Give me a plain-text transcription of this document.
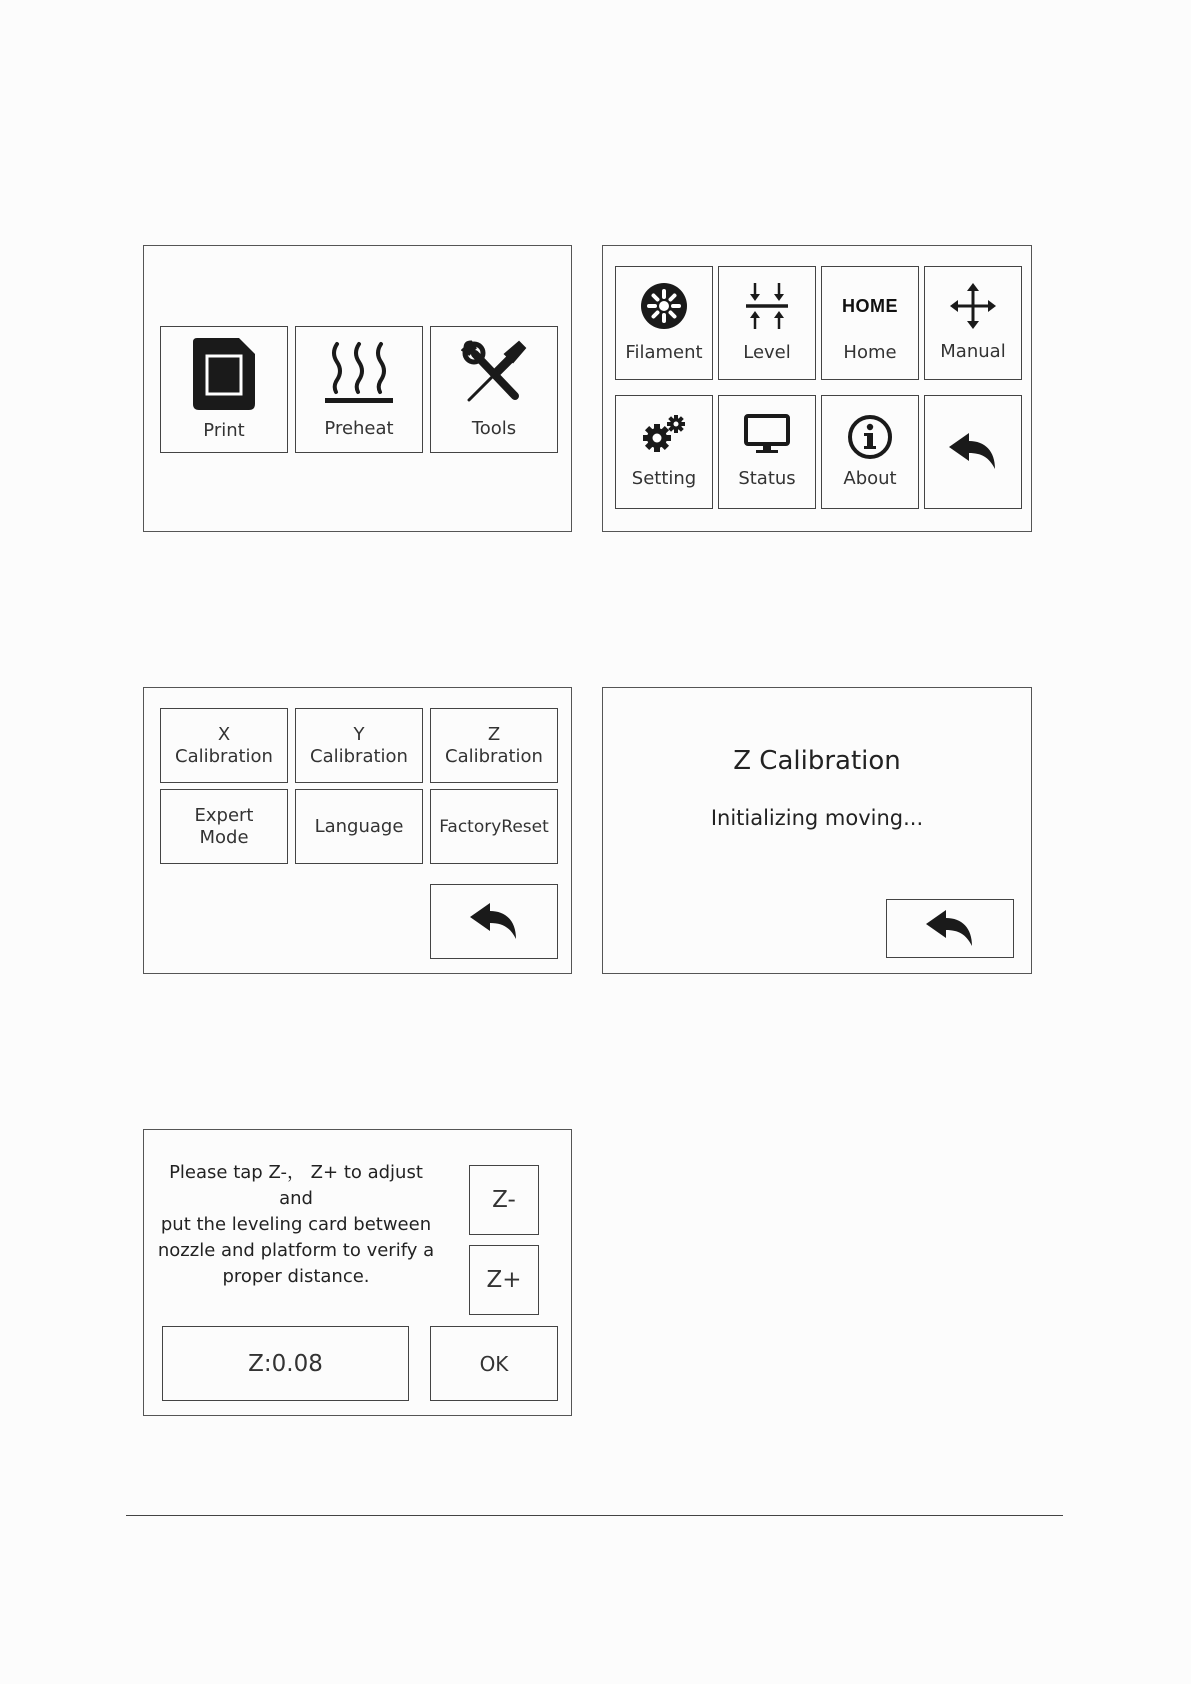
Print	Preheat	Tools
Filament Level
HOME
Home Manual
Setting Status	About
X
Calibration
Y
Calibration
Z
Calibration
Expert
Mode
Language FactoryReset
Z Calibration
Initializing moving...
Please tap Z-， Z+ to adjust and
put the leveling card between
nozzle and platform to verify a
proper distance.
Z-
Z+
Z:0.08	OK
